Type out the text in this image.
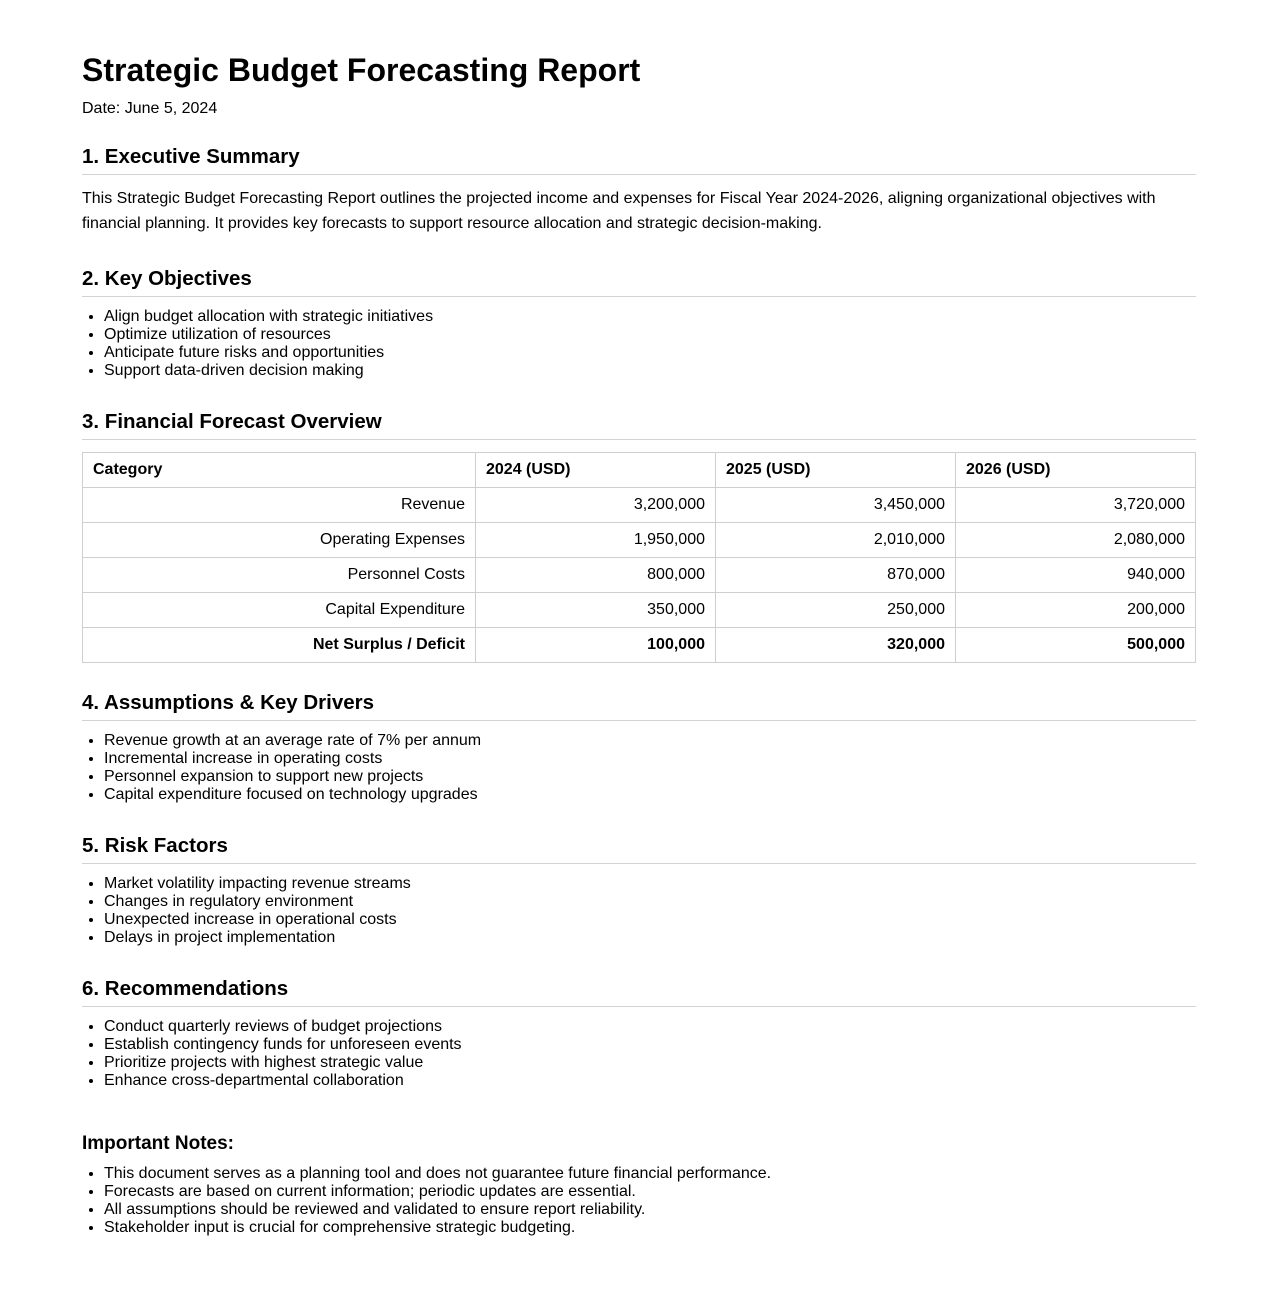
Strategic Budget Forecasting Report
Date: June 5, 2024
1. Executive Summary
This Strategic Budget Forecasting Report outlines the projected income and expenses for Fiscal Year 2024-2026, aligning organizational objectives with financial planning. It provides key forecasts to support resource allocation and strategic decision-making.
2. Key Objectives
• Align budget allocation with strategic initiatives
• Optimize utilization of resources
• Anticipate future risks and opportunities
• Support data-driven decision making
3. Financial Forecast Overview
Category	2024 (USD)	2025 (USD)	2026 (USD)
Revenue	3,200,000	3,450,000	3,720,000
Operating Expenses	1,950,000	2,010,000	2,080,000
Personnel Costs	800,000	870,000	940,000
Capital Expenditure	350,000	250,000	200,000
Net Surplus / Deficit	100,000	320,000	500,000
4. Assumptions & Key Drivers
• Revenue growth at an average rate of 7% per annum
• Incremental increase in operating costs
• Personnel expansion to support new projects
• Capital expenditure focused on technology upgrades
5. Risk Factors
• Market volatility impacting revenue streams
• Changes in regulatory environment
• Unexpected increase in operational costs
• Delays in project implementation
6. Recommendations
• Conduct quarterly reviews of budget projections
• Establish contingency funds for unforeseen events
• Prioritize projects with highest strategic value
• Enhance cross-departmental collaboration
Important Notes:
• This document serves as a planning tool and does not guarantee future financial performance.
• Forecasts are based on current information; periodic updates are essential.
• All assumptions should be reviewed and validated to ensure report reliability.
• Stakeholder input is crucial for comprehensive strategic budgeting.
